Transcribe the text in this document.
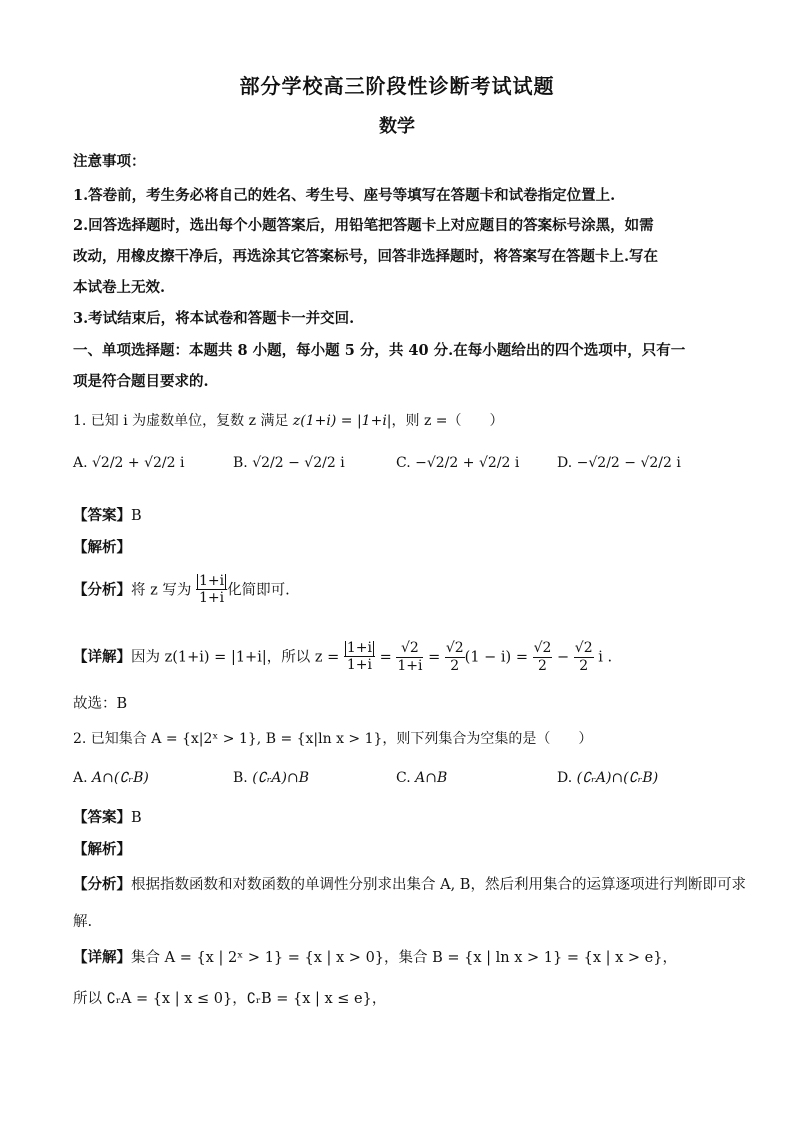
部分学校高三阶段性诊断考试试题
数学
注意事项：
1.答卷前，考生务必将自己的姓名、考生号、座号等填写在答题卡和试卷指定位置上.
2.回答选择题时，选出每个小题答案后，用铅笔把答题卡上对应题目的答案标号涂黑，如需
改动，用橡皮擦干净后，再选涂其它答案标号，回答非选择题时，将答案写在答题卡上.写在
本试卷上无效.
3.考试结束后，将本试卷和答题卡一并交回.
一、单项选择题：本题共 8 小题，每小题 5 分，共 40 分.在每小题给出的四个选项中，只有一
项是符合题目要求的.
1. 已知 i 为虚数单位，复数 z 满足 z(1+i) = |1+i|，则 z =（　　）
A. √2/2 + √2/2 i	B. √2/2 − √2/2 i	C. −√2/2 + √2/2 i	D. −√2/2 − √2/2 i
【答案】B
【解析】
【分析】将 z 写为 $\frac{1+i}{1+i}$ 化简即可.
【详解】因为 z(1+i) = |1+i|，所以 $z = \frac{1+i}{1+i} = \frac{√2}{1+i} = \frac{√2}{2} (1 - i) = \frac{√2}{2} - \frac{√2}{2}$ i .
故选：B
2. 已知集合 A = {x|2ˣ > 1}, B = {x|ln x > 1}，则下列集合为空集的是（　　）
A. A∩(∁ᵣB)	B. (∁ᵣA)∩B	C. A∩B	D. (∁ᵣA)∩(∁ᵣB)
【答案】B
【解析】
【分析】根据指数函数和对数函数的单调性分别求出集合 A, B，然后利用集合的运算逐项进行判断即可求
解.
【详解】集合 A = {x | 2ˣ > 1} = {x | x > 0}，集合 B = {x | ln x > 1} = {x | x > e}，
所以 ∁ᵣA = {x | x ≤ 0}，∁ᵣB = {x | x ≤ e}，
